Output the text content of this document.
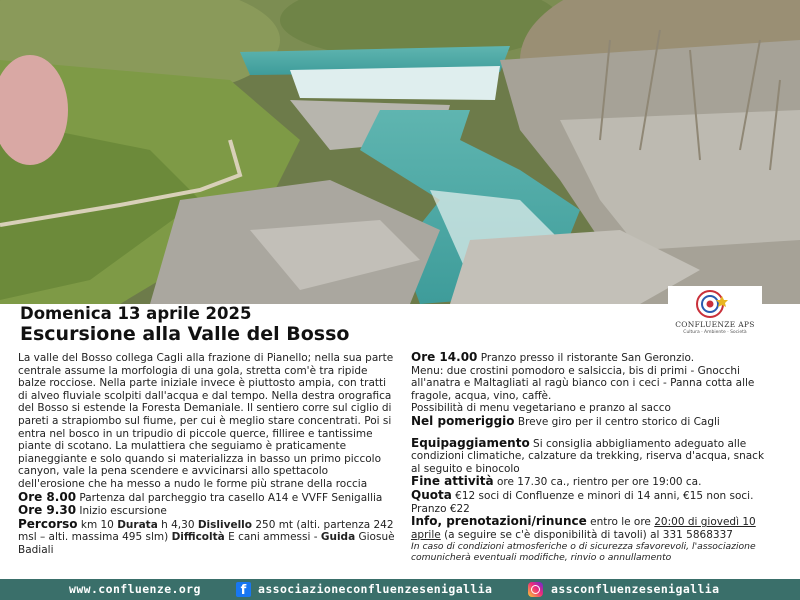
CONFLUENZE APS
Cultura · Ambiente · Società
Domenica 13 aprile 2025
Escursione alla Valle del Bosso

La valle del Bosso collega Cagli alla frazione di Pianello; nella sua parte centrale assume la morfologia di una gola, stretta com'è tra ripide balze rocciose. Nella parte iniziale invece è piuttosto ampia, con tratti di alveo fluviale scolpiti dall'acqua e dal tempo. Nella destra orografica del Bosso si estende la Foresta Demaniale. Il sentiero corre sul ciglio di pareti a strapiombo sul fiume, per cui è meglio stare concentrati. Poi si entra nel bosco in un tripudio di piccole querce, filliree e tantissime piante di scotano. La mulattiera che seguiamo è praticamente pianeggiante e solo quando si materializza in basso un primo piccolo canyon, vale la pena scendere e avvicinarsi allo spettacolo dell'erosione che ha messo a nudo le forme più strane della roccia

Ore 8.00 Partenza dal parcheggio tra casello A14 e VVFF Senigallia

Ore 9.30 Inizio escursione

Percorso km 10 Durata h 4,30 Dislivello 250 mt (alti. partenza 242 msl – alti. massima 495 slm) Difficoltà E cani ammessi - Guida Giosuè Badiali

Ore 14.00 Pranzo presso il ristorante San Geronzio.

Menu: due crostini pomodoro e salsiccia, bis di primi - Gnocchi all'anatra e Maltagliati al ragù bianco con i ceci - Panna cotta alle fragole, acqua, vino, caffè.

Possibilità di menu vegetariano e pranzo al sacco

Nel pomeriggio Breve giro per il centro storico di Cagli

Equipaggiamento Si consiglia abbigliamento adeguato alle condizioni climatiche, calzature da trekking, riserva d'acqua, snack al seguito e binocolo

Fine attività ore 17.30 ca., rientro per ore 19:00 ca.

Quota €12 soci di Confluenze e minori di 14 anni, €15 non soci. Pranzo €22

Info, prenotazioni/rinunce entro le ore 20:00 di giovedì 10 aprile (a seguire se c'è disponibilità di tavoli) al 331 5868337

In caso di condizioni atmosferiche o di sicurezza sfavorevoli, l'associazione comunicherà eventuali modifiche, rinvio o annullamento

www.confluenze.org	f	associazioneconfluenzesenigallia	assconfluenzesenigallia
